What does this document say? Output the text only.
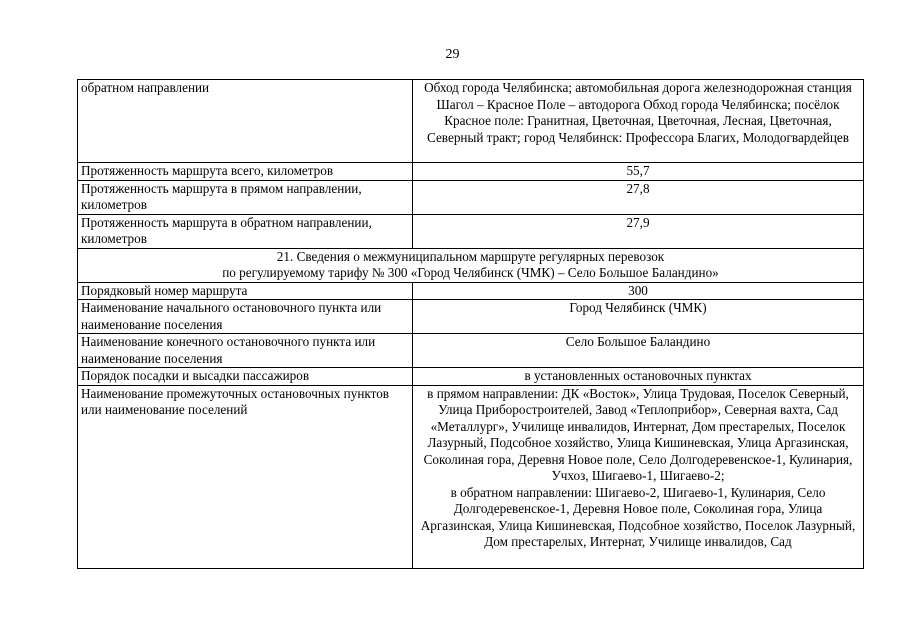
29
обратном направлении	Обход города Челябинска; автомобильная дорога железнодорожная станция Шагол – Красное Поле – автодорога Обход города Челябинска; посёлок Красное поле: Гранитная, Цветочная, Цветочная, Лесная, Цветочная, Северный тракт; город Челябинск: Профессора Благих, Молодогвардейцев
Протяженность маршрута всего, километров	55,7
Протяженность маршрута в прямом направлении, километров	27,8
Протяженность маршрута в обратном направлении, километров	27,9

21. Сведения о межмуниципальном маршруте регулярных перевозок
по регулируемому тарифу № 300 «Город Челябинск (ЧМК) – Село Большое Баландино»	

Порядковый номер маршрута	300
Наименование начального остановочного пункта или наименование поселения	Город Челябинск (ЧМК)
Наименование конечного остановочного пункта или наименование поселения	Село Большое Баландино
Порядок посадки и высадки пассажиров	в установленных остановочных пунктах
Наименование промежуточных остановочных пунктов или наименование поселений	в прямом направлении: ДК «Восток», Улица Трудовая, Поселок Северный, Улица Приборостроителей, Завод «Теплоприбор», Северная вахта, Сад «Металлург», Училище инвалидов, Интернат, Дом престарелых, Поселок Лазурный, Подсобное хозяйство, Улица Кишиневская, Улица Аргазинская, Соколиная гора, Деревня Новое поле, Село Долгодеревенское-1, Кулинария, Учхоз, Шигаево-1, Шигаево-2;
в обратном направлении: Шигаево-2, Шигаево-1, Кулинария, Село Долгодеревенское-1, Деревня Новое поле, Соколиная гора, Улица Аргазинская, Улица Кишиневская, Подсобное хозяйство, Поселок Лазурный, Дом престарелых, Интернат, Училище инвалидов, Сад
